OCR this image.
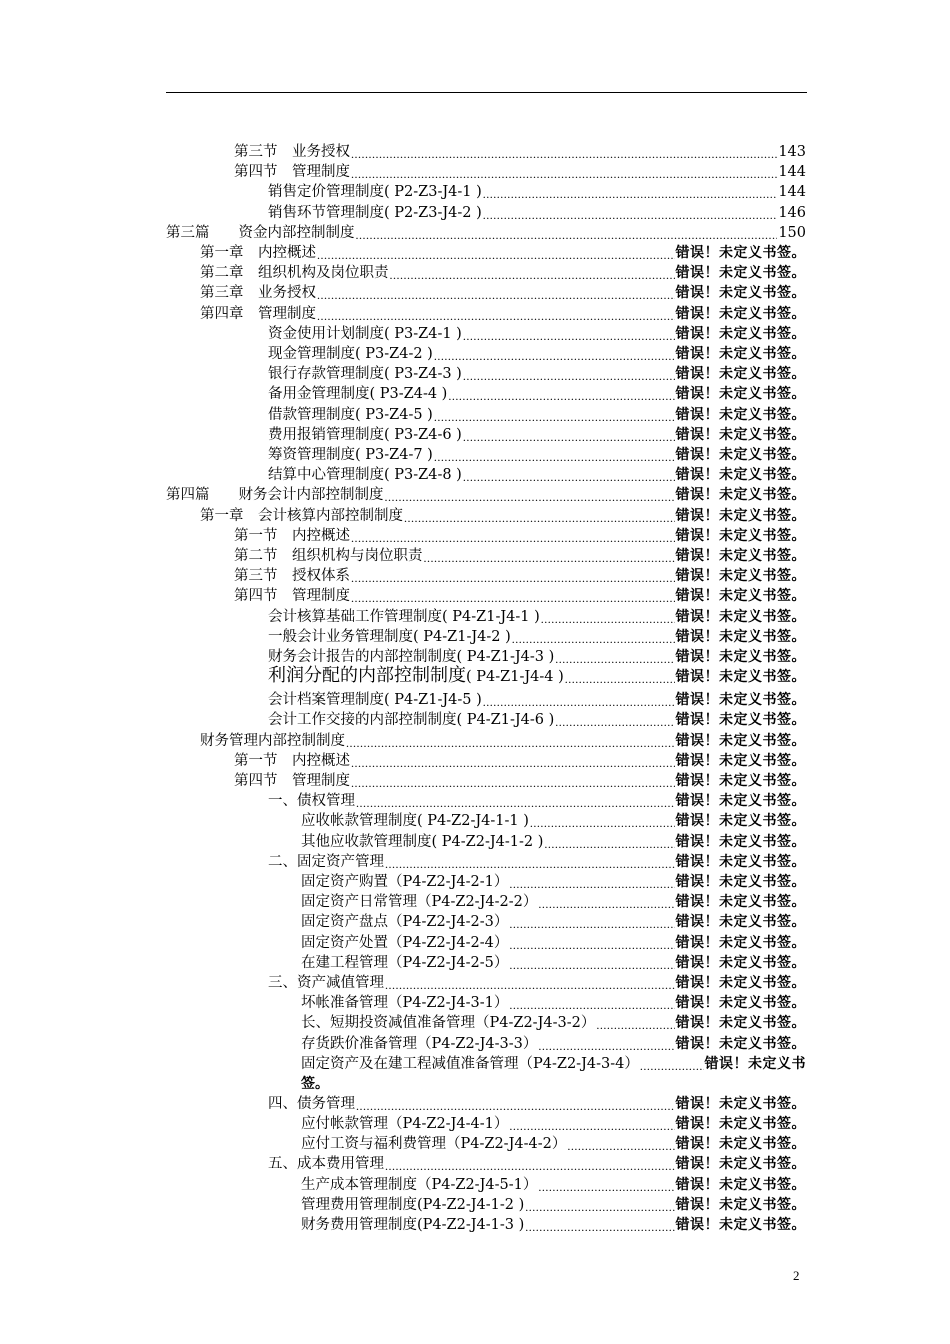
第三节　业务授权 .....	143
第四节　管理制度 .....	144
销售定价管理制度( P2-Z3-J4-1 ) .....	144
销售环节管理制度( P2-Z3-J4-2 ) .....	146
第三篇　　资金内部控制制度 .....	150
第一章　内控概述 .....	错误！未定义书签。
第二章　组织机构及岗位职责 .....	错误！未定义书签。
第三章　业务授权 .....	错误！未定义书签。
第四章　管理制度 .....	错误！未定义书签。
资金使用计划制度( P3-Z4-1 ) .....	错误！未定义书签。
现金管理制度( P3-Z4-2 ) .....	错误！未定义书签。
银行存款管理制度( P3-Z4-3 ) .....	错误！未定义书签。
备用金管理制度( P3-Z4-4 ) .....	错误！未定义书签。
借款管理制度( P3-Z4-5 ) .....	错误！未定义书签。
费用报销管理制度( P3-Z4-6 ) .....	错误！未定义书签。
筹资管理制度( P3-Z4-7 ) .....	错误！未定义书签。
结算中心管理制度( P3-Z4-8 ) .....	错误！未定义书签。
第四篇　　财务会计内部控制制度 .....	错误！未定义书签。
第一章　会计核算内部控制制度 .....	错误！未定义书签。
第一节　内控概述 .....	错误！未定义书签。
第二节　组织机构与岗位职责 .....	错误！未定义书签。
第三节　授权体系 .....	错误！未定义书签。
第四节　管理制度 .....	错误！未定义书签。
会计核算基础工作管理制度( P4-Z1-J4-1 ) .....	错误！未定义书签。
一般会计业务管理制度( P4-Z1-J4-2 ) .....	错误！未定义书签。
财务会计报告的内部控制制度( P4-Z1-J4-3 ) .....	错误！未定义书签。
利润分配的内部控制制度( P4-Z1-J4-4 ) .....	错误！未定义书签。
会计档案管理制度( P4-Z1-J4-5 ) .....	错误！未定义书签。
会计工作交接的内部控制制度( P4-Z1-J4-6 ) .....	错误！未定义书签。
财务管理内部控制制度 .....	错误！未定义书签。
第一节　内控概述 .....	错误！未定义书签。
第四节　管理制度 .....	错误！未定义书签。
一、债权管理 .....	错误！未定义书签。
应收帐款管理制度( P4-Z2-J4-1-1 ) .....	错误！未定义书签。
其他应收款管理制度( P4-Z2-J4-1-2 ) .....	错误！未定义书签。
二、固定资产管理 .....	错误！未定义书签。
固定资产购置（P4-Z2-J4-2-1） .....	错误！未定义书签。
固定资产日常管理（P4-Z2-J4-2-2） .....	错误！未定义书签。
固定资产盘点（P4-Z2-J4-2-3） .....	错误！未定义书签。
固定资产处置（P4-Z2-J4-2-4） .....	错误！未定义书签。
在建工程管理（P4-Z2-J4-2-5） .....	错误！未定义书签。
三、资产减值管理 .....	错误！未定义书签。
坏帐准备管理（P4-Z2-J4-3-1） .....	错误！未定义书签。
长、短期投资减值准备管理（P4-Z2-J4-3-2） .....	错误！未定义书签。
存货跌价准备管理（P4-Z2-J4-3-3） .....	错误！未定义书签。
固定资产及在建工程减值准备管理（P4-Z2-J4-3-4） .....	错误！未定义书
签。
四、债务管理 .....	错误！未定义书签。
应付帐款管理（P4-Z2-J4-4-1） .....	错误！未定义书签。
应付工资与福利费管理（P4-Z2-J4-4-2） .....	错误！未定义书签。
五、成本费用管理 .....	错误！未定义书签。
生产成本管理制度（P4-Z2-J4-5-1） .....	错误！未定义书签。
管理费用管理制度(P4-Z2-J4-1-2 ) .....	错误！未定义书签。
财务费用管理制度(P4-Z2-J4-1-3 ) .....	错误！未定义书签。
2
